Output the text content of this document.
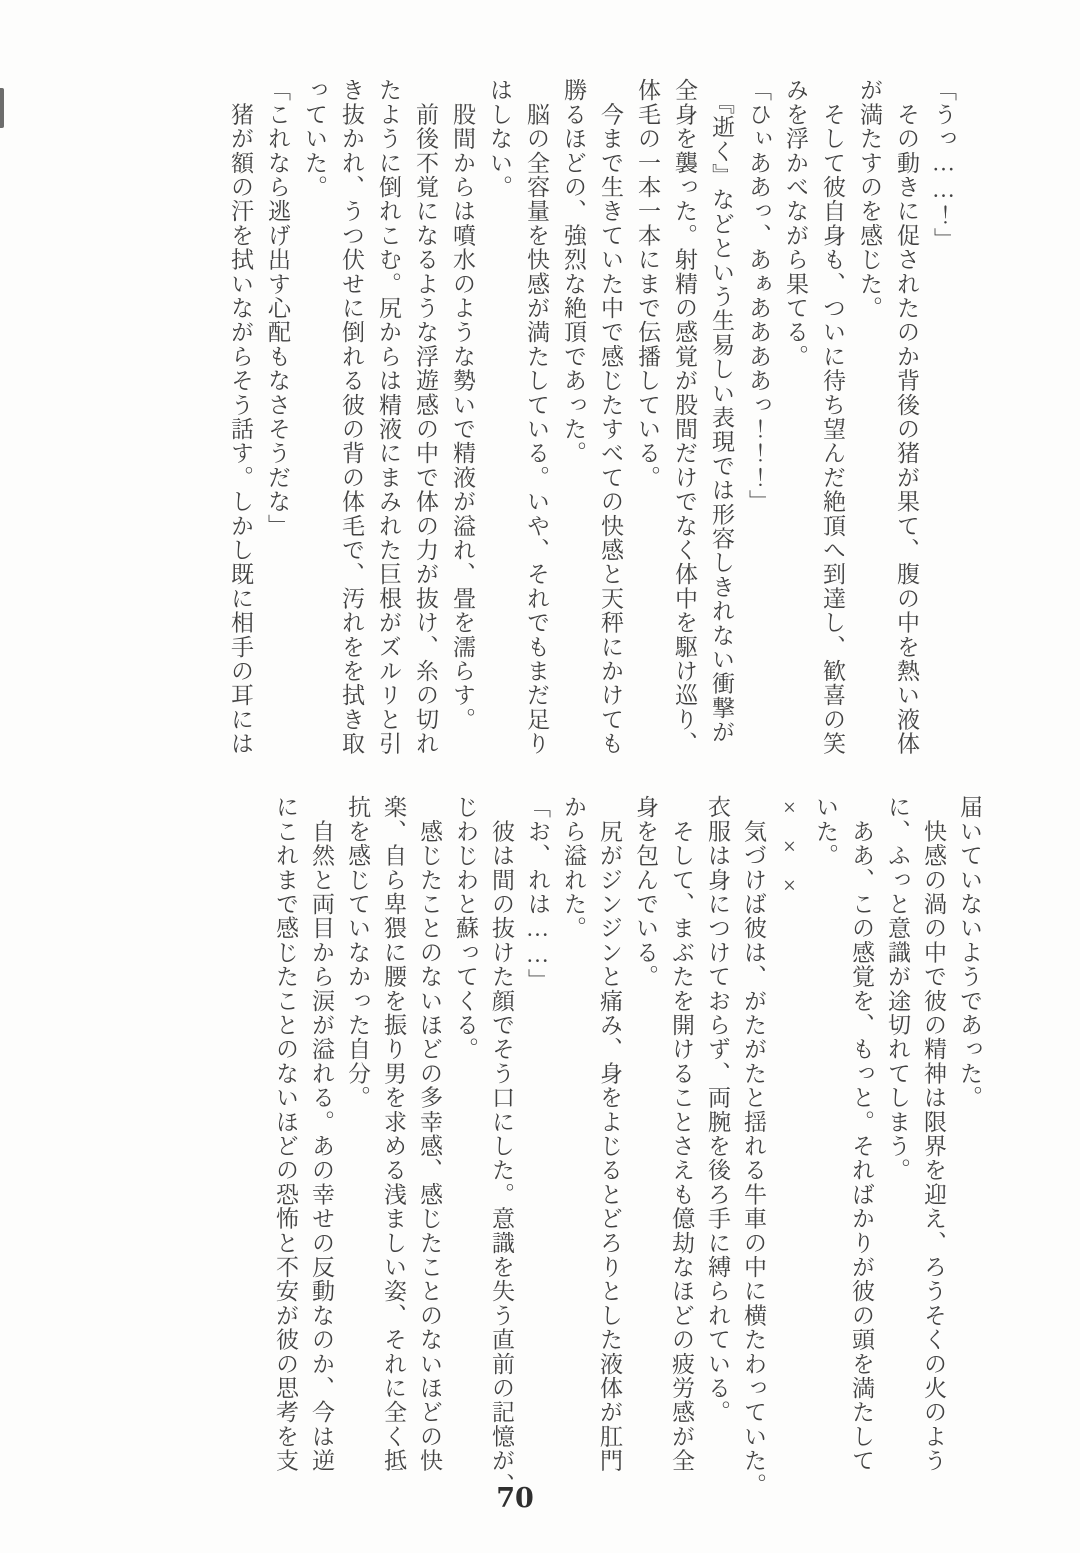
「うっ……！」

　その動きに促されたのか背後の猪が果て、腹の中を熱い液体

が満たすのを感じた。

　そして彼自身も、ついに待ち望んだ絶頂へ到達し、歓喜の笑

みを浮かべながら果てる。

「ひぃああっ、あぁああああっ！！！」

　『逝く』などという生易しい表現では形容しきれない衝撃が

全身を襲った。射精の感覚が股間だけでなく体中を駆け巡り、

体毛の一本一本にまで伝播している。

　今まで生きていた中で感じたすべての快感と天秤にかけても

勝るほどの、強烈な絶頂であった。

　脳の全容量を快感が満たしている。いや、それでもまだ足り

はしない。

　股間からは噴水のような勢いで精液が溢れ、畳を濡らす。

　前後不覚になるような浮遊感の中で体の力が抜け、糸の切れ

たように倒れこむ。尻からは精液にまみれた巨根がズルリと引

き抜かれ、うつ伏せに倒れる彼の背の体毛で、汚れをを拭き取

っていた。

「これなら逃げ出す心配もなさそうだな」

　猪が額の汗を拭いながらそう話す。しかし既に相手の耳には

届いていないようであった。

　快感の渦の中で彼の精神は限界を迎え、ろうそくの火のよう

に、ふっと意識が途切れてしまう。

　ああ、この感覚を、もっと。そればかりが彼の頭を満たして

いた。

×××

　気づけば彼は、がたがたと揺れる牛車の中に横たわっていた。

衣服は身につけておらず、両腕を後ろ手に縛られている。

　そして、まぶたを開けることさえも億劫なほどの疲労感が全

身を包んでいる。

　尻がジンジンと痛み、身をよじるとどろりとした液体が肛門

から溢れた。

「お、れは……」

　彼は間の抜けた顔でそう口にした。意識を失う直前の記憶が、

じわじわと蘇ってくる。

　感じたことのないほどの多幸感、感じたことのないほどの快

楽、自ら卑猥に腰を振り男を求める浅ましい姿、それに全く抵

抗を感じていなかった自分。

　自然と両目から涙が溢れる。あの幸せの反動なのか、今は逆

にこれまで感じたことのないほどの恐怖と不安が彼の思考を支

70
